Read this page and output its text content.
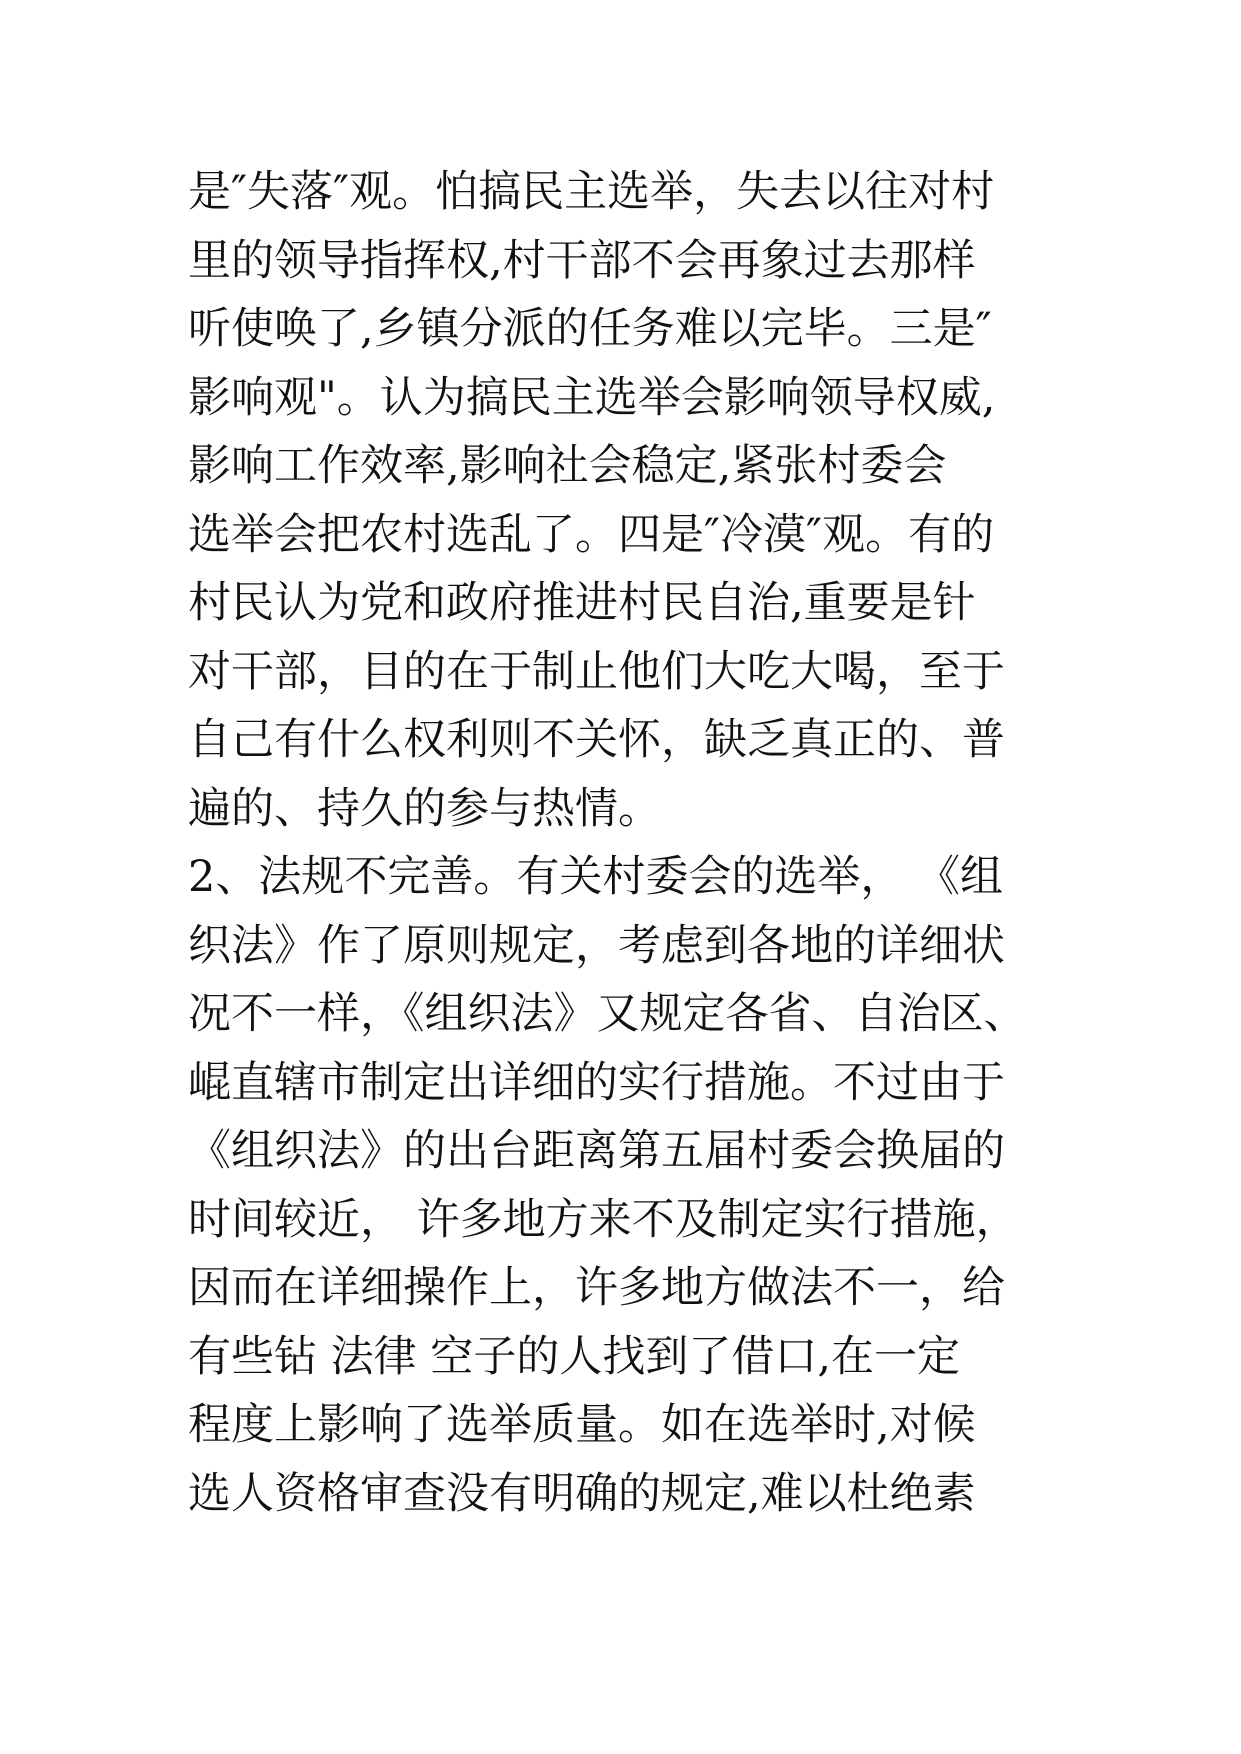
是″失落″观。怕搞民主选举，失去以往对村
里的领导指挥权,村干部不会再象过去那样
听使唤了,乡镇分派的任务难以完毕。三是″
影响观"。认为搞民主选举会影响领导权威,
影响工作效率,影响社会稳定,紧张村委会
选举会把农村选乱了。四是″冷漠″观。有的
村民认为党和政府推进村民自治,重要是针
对干部，目的在于制止他们大吃大喝，至于
自己有什么权利则不关怀，缺乏真正的、普
遍的、持久的参与热情。
2、法规不完善。有关村委会的选举， 《组
织法》作了原则规定，考虑到各地的详细状
况不一样，《组织法》又规定各省、自治区、
崐直辖市制定出详细的实行措施。不过由于
《组织法》的出台距离第五届村委会换届的
时间较近， 许多地方来不及制定实行措施，
因而在详细操作上，许多地方做法不一，给
有些钻 法律 空子的人找到了借口,在一定
程度上影响了选举质量。如在选举时,对候
选人资格审查没有明确的规定,难以杜绝素
